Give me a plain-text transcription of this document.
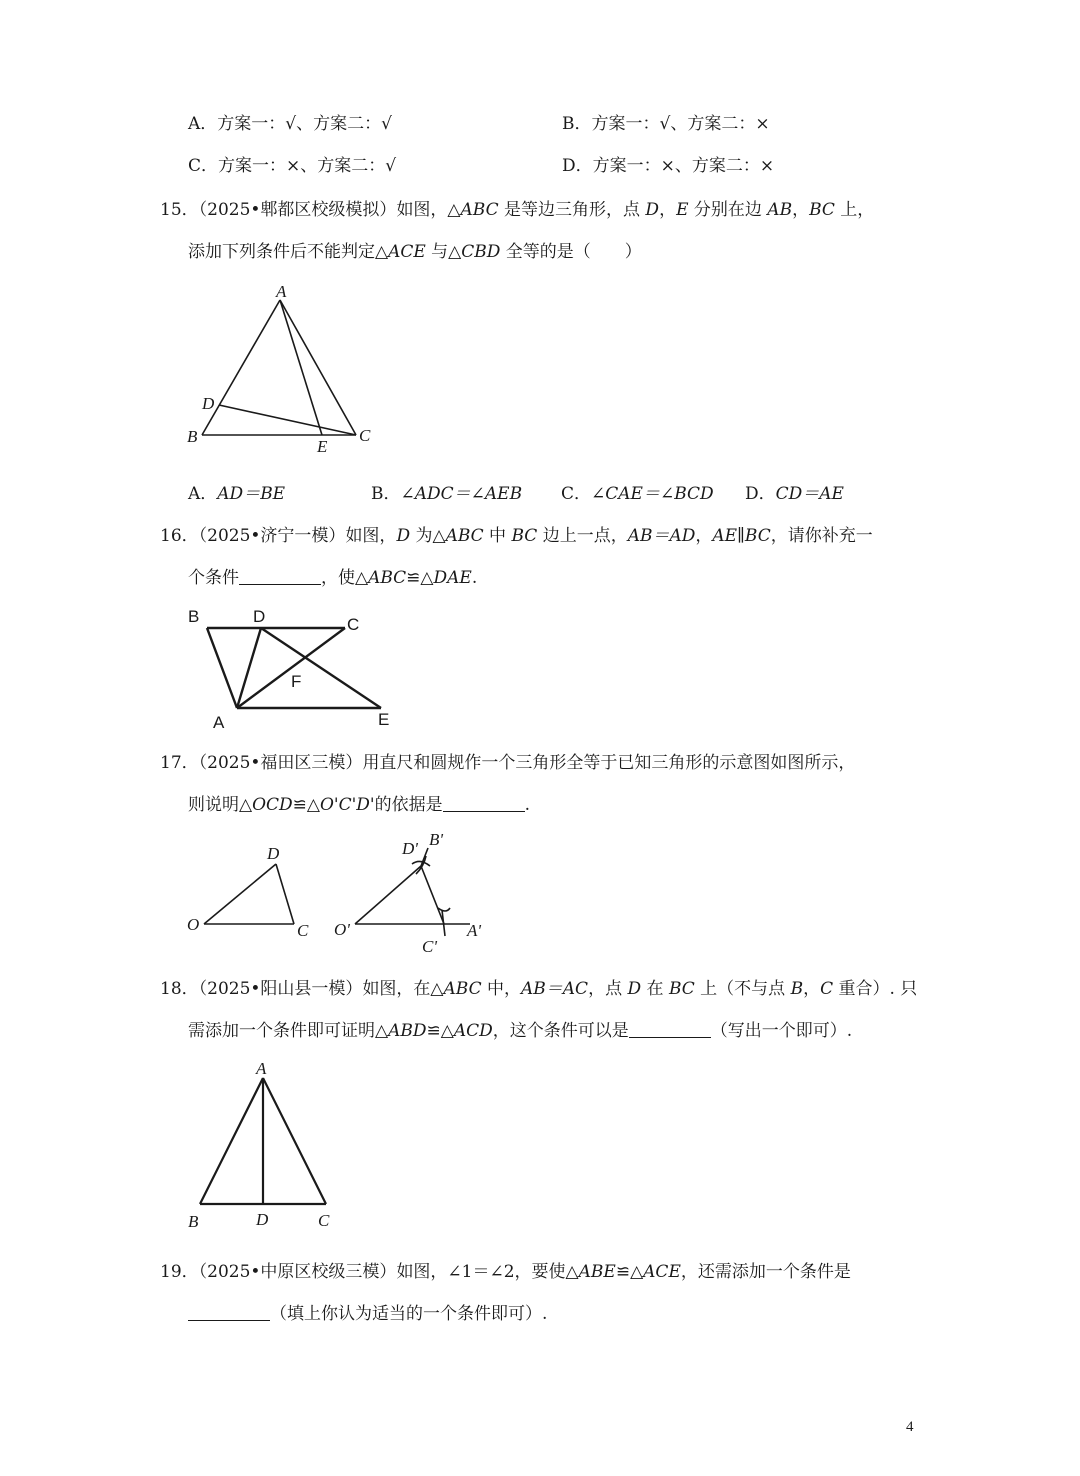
A．方案一：√、方案二：√	B．方案一：√、方案二：×
C．方案一：×、方案二：√	D．方案一：×、方案二：×
15．（2025•郫都区校级模拟）如图，△ABC 是等边三角形，点 D，E 分别在边 AB，BC 上，
添加下列条件后不能判定△ACE 与△CBD 全等的是（　　）
A
B	C
D
E
A．AD＝BE	B．∠ADC＝∠AEB C．∠CAE＝∠BCD D．CD＝AE
16．（2025•济宁一模）如图，D 为△ABC 中 BC 边上一点，AB＝AD，AE∥BC，请你补充一
个条件	，使△ABC≌△DAE.
B	D	C
F
A	E
17．（2025•福田区三模）用直尺和圆规作一个三角形全等于已知三角形的示意图如图所示，
则说明△OCD≌△O'C'D'的依据是	.
O
D
C O'
D' B'
C'
A'
18．（2025•阳山县一模）如图，在△ABC 中，AB＝AC，点 D 在 BC 上（不与点 B，C 重合）. 只
需添加一个条件即可证明△ABD≌△ACD，这个条件可以是	（写出一个即可）.
A
B	D	C
19．（2025•中原区校级三模）如图，∠1＝∠2，要使△ABE≌△ACE，还需添加一个条件是
（填上你认为适当的一个条件即可）.
4
